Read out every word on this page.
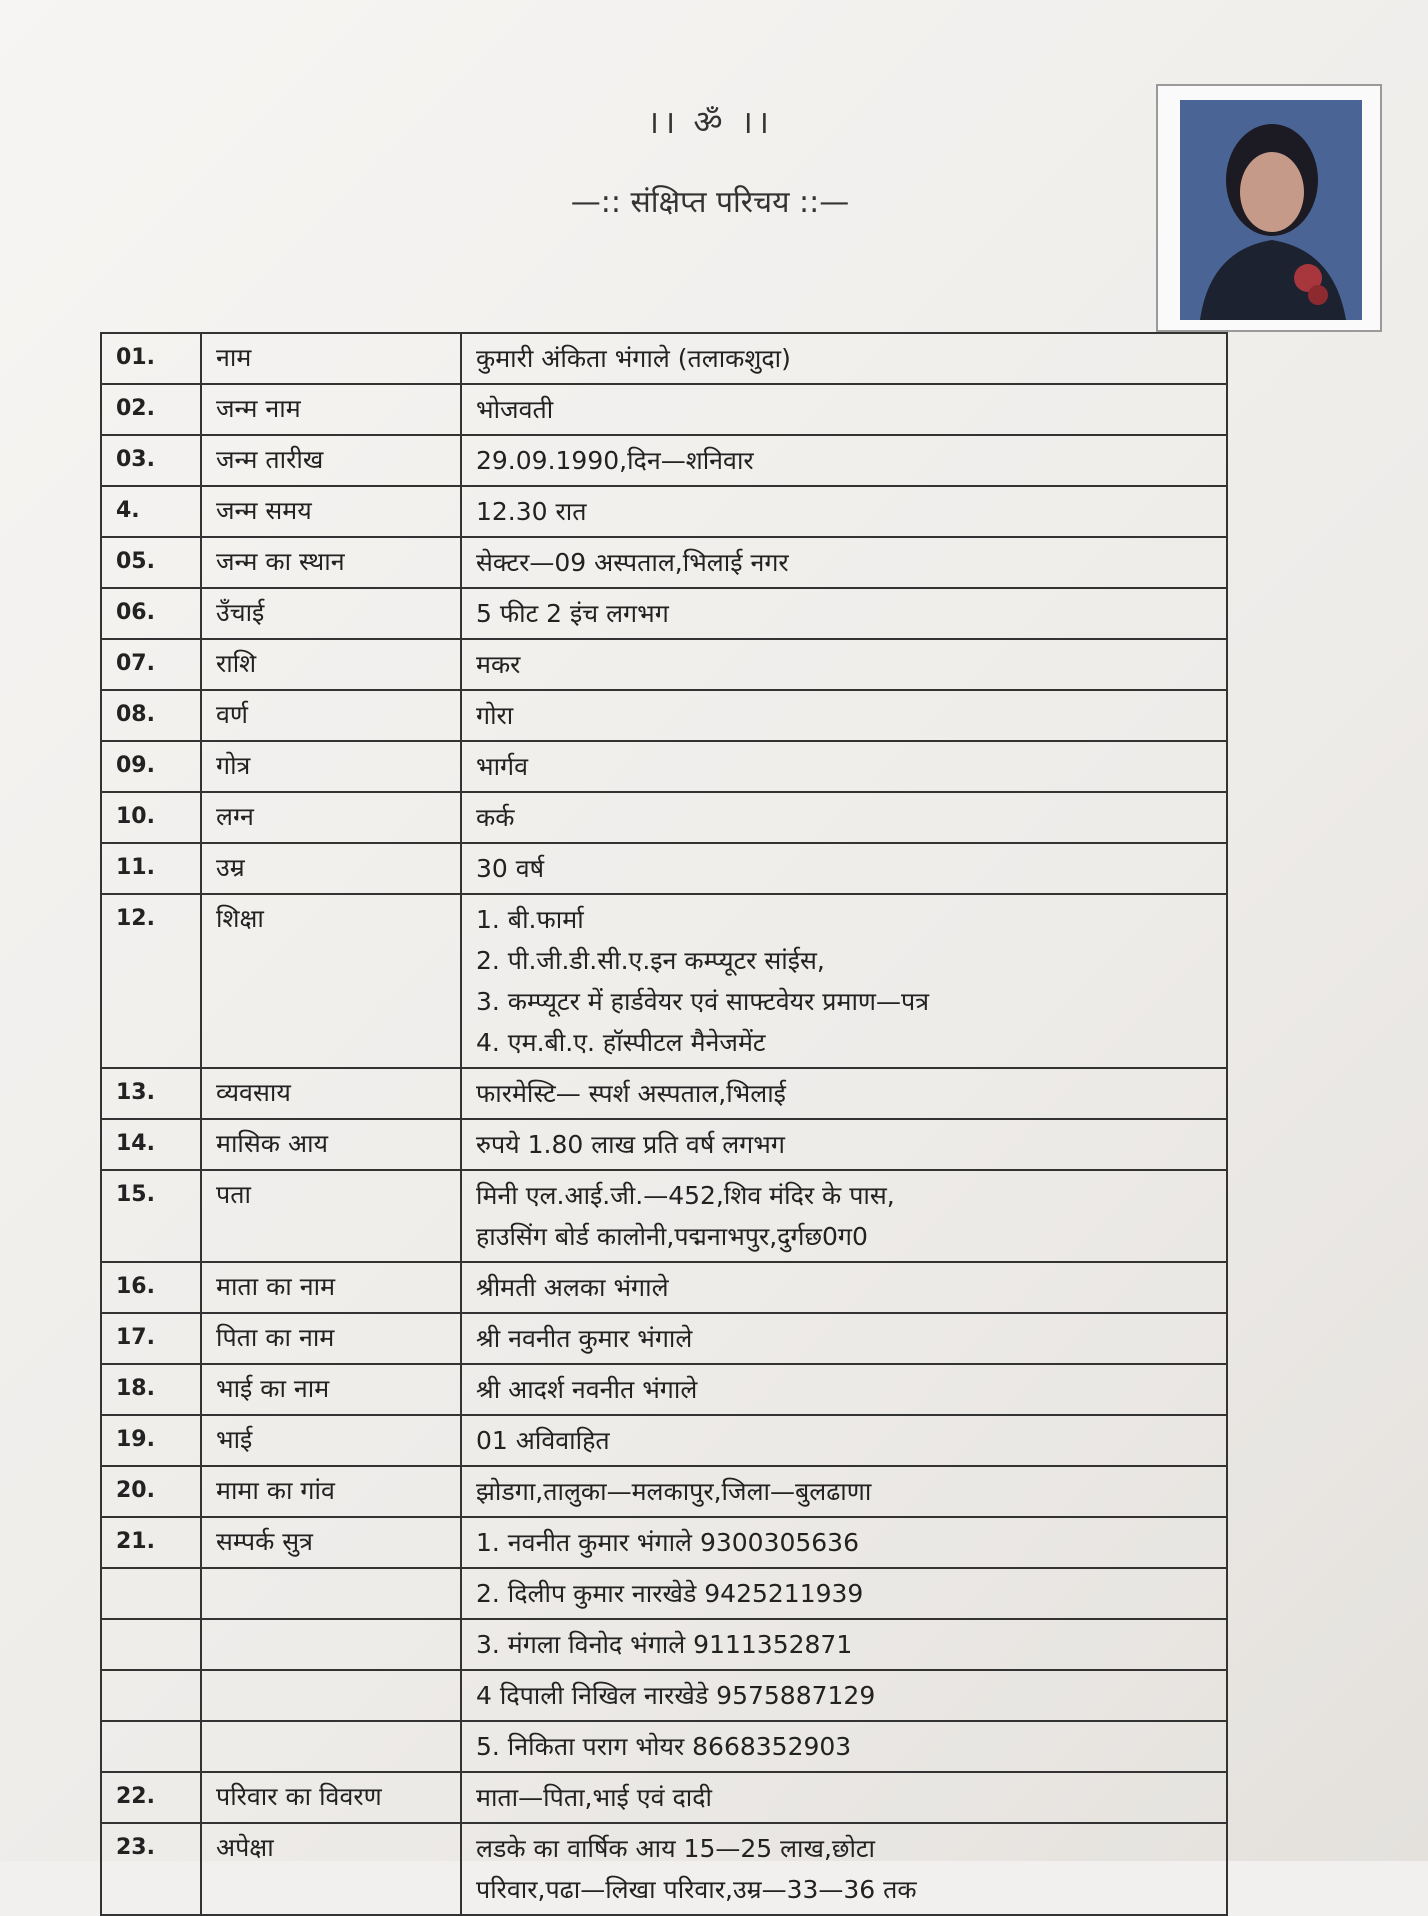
।। ॐ ।।
—:: संक्षिप्त परिचय ::—
01.	नाम	कुमारी अंकिता भंगाले (तलाकशुदा)

02.	जन्म नाम	भोजवती

03.	जन्म तारीख	29.09.1990,दिन—शनिवार

4.	जन्म समय	12.30 रात

05.	जन्म का स्थान	सेक्टर—09 अस्पताल,भिलाई नगर

06.	उँचाई	5 फीट 2 इंच लगभग

07.	राशि	मकर

08.	वर्ण	गोरा

09.	गोत्र	भार्गव

10.	लग्न	कर्क

11.	उम्र	30 वर्ष

12.	शिक्षा	1. बी.फार्मा
2. पी.जी.डी.सी.ए.इन कम्प्यूटर सांईस,
3. कम्प्यूटर में हार्डवेयर एवं साफ्टवेयर प्रमाण—पत्र
4. एम.बी.ए. हॉस्पीटल मैनेजमेंट

13.	व्यवसाय	फारमेस्टि— स्पर्श अस्पताल,भिलाई

14.	मासिक आय	रुपये 1.80 लाख प्रति वर्ष लगभग

15.	पता	मिनी एल.आई.जी.—452,शिव मंदिर के पास,
हाउसिंग बोर्ड कालोनी,पद्मनाभपुर,दुर्गछ0ग0

16.	माता का नाम	श्रीमती अलका भंगाले

17.	पिता का नाम	श्री नवनीत कुमार भंगाले

18.	भाई का नाम	श्री आदर्श नवनीत भंगाले

19.	भाई	01 अविवाहित

20.	मामा का गांव	झोडगा,तालुका—मलकापुर,जिला—बुलढाणा

21.	सम्पर्क सुत्र	1. नवनीत कुमार भंगाले 9300305636

		2. दिलीप कुमार नारखेडे 9425211939

		3. मंगला विनोद भंगाले 9111352871

		4 दिपाली निखिल नारखेडे 9575887129

		5. निकिता पराग भोयर 8668352903

22.	परिवार का विवरण	माता—पिता,भाई एवं दादी

23.	अपेक्षा	लडके का वार्षिक आय 15—25 लाख,छोटा
परिवार,पढा—लिखा परिवार,उम्र—33—36 तक
